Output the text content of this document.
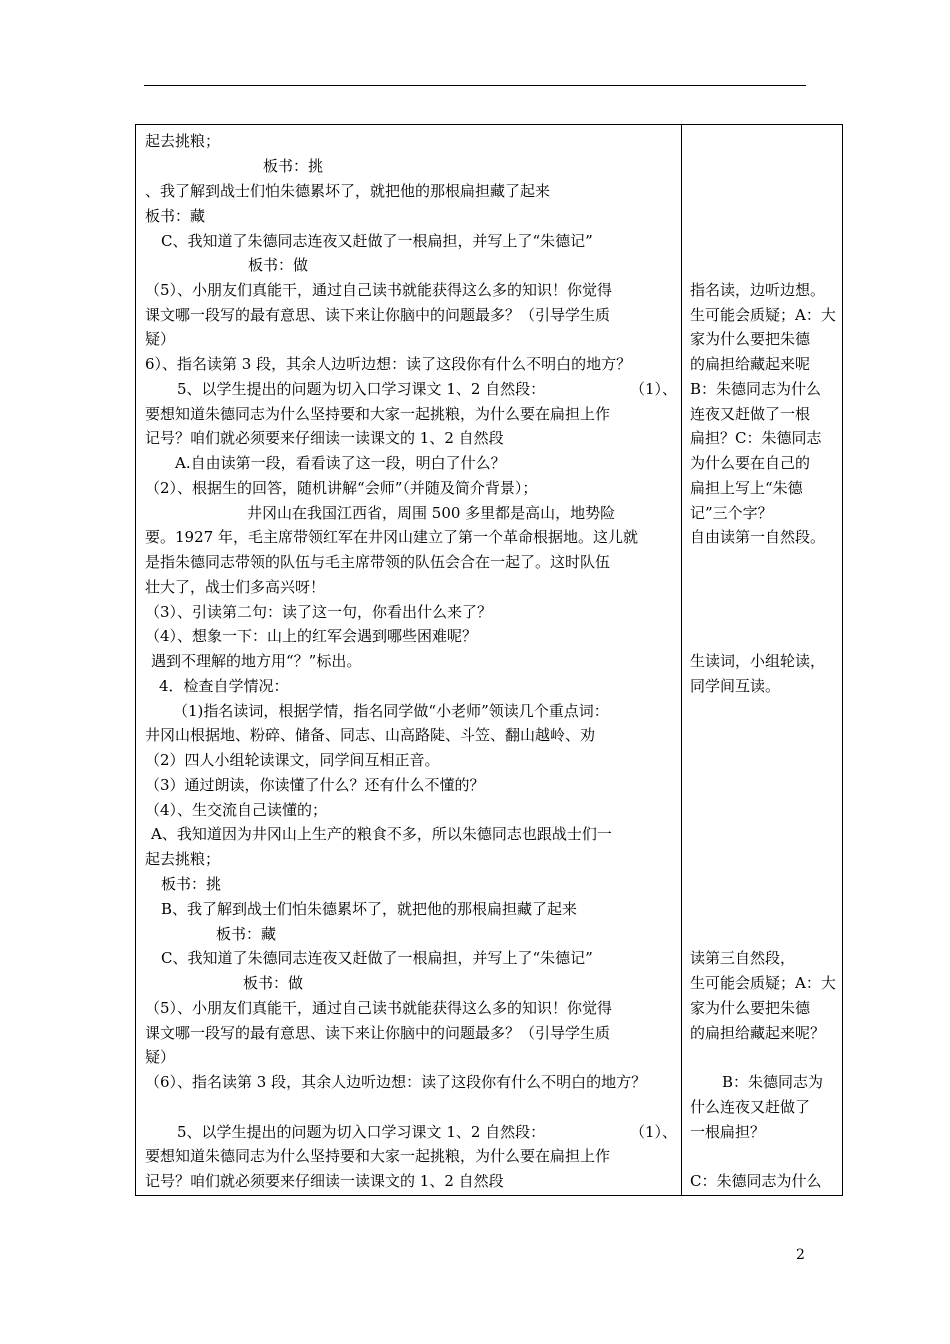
起去挑粮；
板书：挑
、我了解到战士们怕朱德累坏了，就把他的那根扁担藏了起来
板书：藏
C、我知道了朱德同志连夜又赶做了一根扁担，并写上了“朱德记”
板书：做
（5）、小朋友们真能干，通过自己读书就能获得这么多的知识！你觉得
课文哪一段写的最有意思、读下来让你脑中的问题最多？（引导学生质
疑）
6）、指名读第 3 段，其余人边听边想：读了这段你有什么不明白的地方？
5、以学生提出的问题为切入口学习课文 1、2 自然段：	（1）、
要想知道朱德同志为什么坚持要和大家一起挑粮，为什么要在扁担上作
记号？咱们就必须要来仔细读一读课文的 1、2 自然段
A.自由读第一段，看看读了这一段，明白了什么？
（2）、根据生的回答，随机讲解“会师”（并随及简介背景）；
井冈山在我国江西省，周围 500 多里都是高山，地势险
要。1927 年，毛主席带领红军在井冈山建立了第一个革命根据地。这儿就
是指朱德同志带领的队伍与毛主席带领的队伍会合在一起了。这时队伍
壮大了，战士们多高兴呀！
（3）、引读第二句：读了这一句，你看出什么来了？
（4）、想象一下：山上的红军会遇到哪些困难呢？
遇到不理解的地方用“？”标出。
4．检查自学情况：
（1)指名读词，根据学情，指名同学做“小老师”领读几个重点词：
井冈山根据地、粉碎、储备、同志、山高路陡、斗笠、翻山越岭、劝
（2）四人小组轮读课文，同学间互相正音。
（3）通过朗读，你读懂了什么？还有什么不懂的？
（4）、生交流自己读懂的；
A、我知道因为井冈山上生产的粮食不多，所以朱德同志也跟战士们一
起去挑粮；
板书：挑
B、我了解到战士们怕朱德累坏了，就把他的那根扁担藏了起来
板书：藏
C、我知道了朱德同志连夜又赶做了一根扁担，并写上了“朱德记”
板书：做
（5）、小朋友们真能干，通过自己读书就能获得这么多的知识！你觉得
课文哪一段写的最有意思、读下来让你脑中的问题最多？（引导学生质
疑）
（6）、指名读第 3 段，其余人边听边想：读了这段你有什么不明白的地方？
5、以学生提出的问题为切入口学习课文 1、2 自然段：	（1）、
要想知道朱德同志为什么坚持要和大家一起挑粮，为什么要在扁担上作
记号？咱们就必须要来仔细读一读课文的 1、2 自然段
指名读，边听边想。
生可能会质疑；A：大
家为什么要把朱德
的扁担给藏起来呢
B：朱德同志为什么
连夜又赶做了一根
扁担？C：朱德同志
为什么要在自己的
扁担上写上“朱德
记”三个字？
自由读第一自然段。
生读词，小组轮读，
同学间互读。
读第三自然段，
生可能会质疑；A：大
家为什么要把朱德
的扁担给藏起来呢？
B：朱德同志为
什么连夜又赶做了
一根扁担？
C：朱德同志为什么
2
